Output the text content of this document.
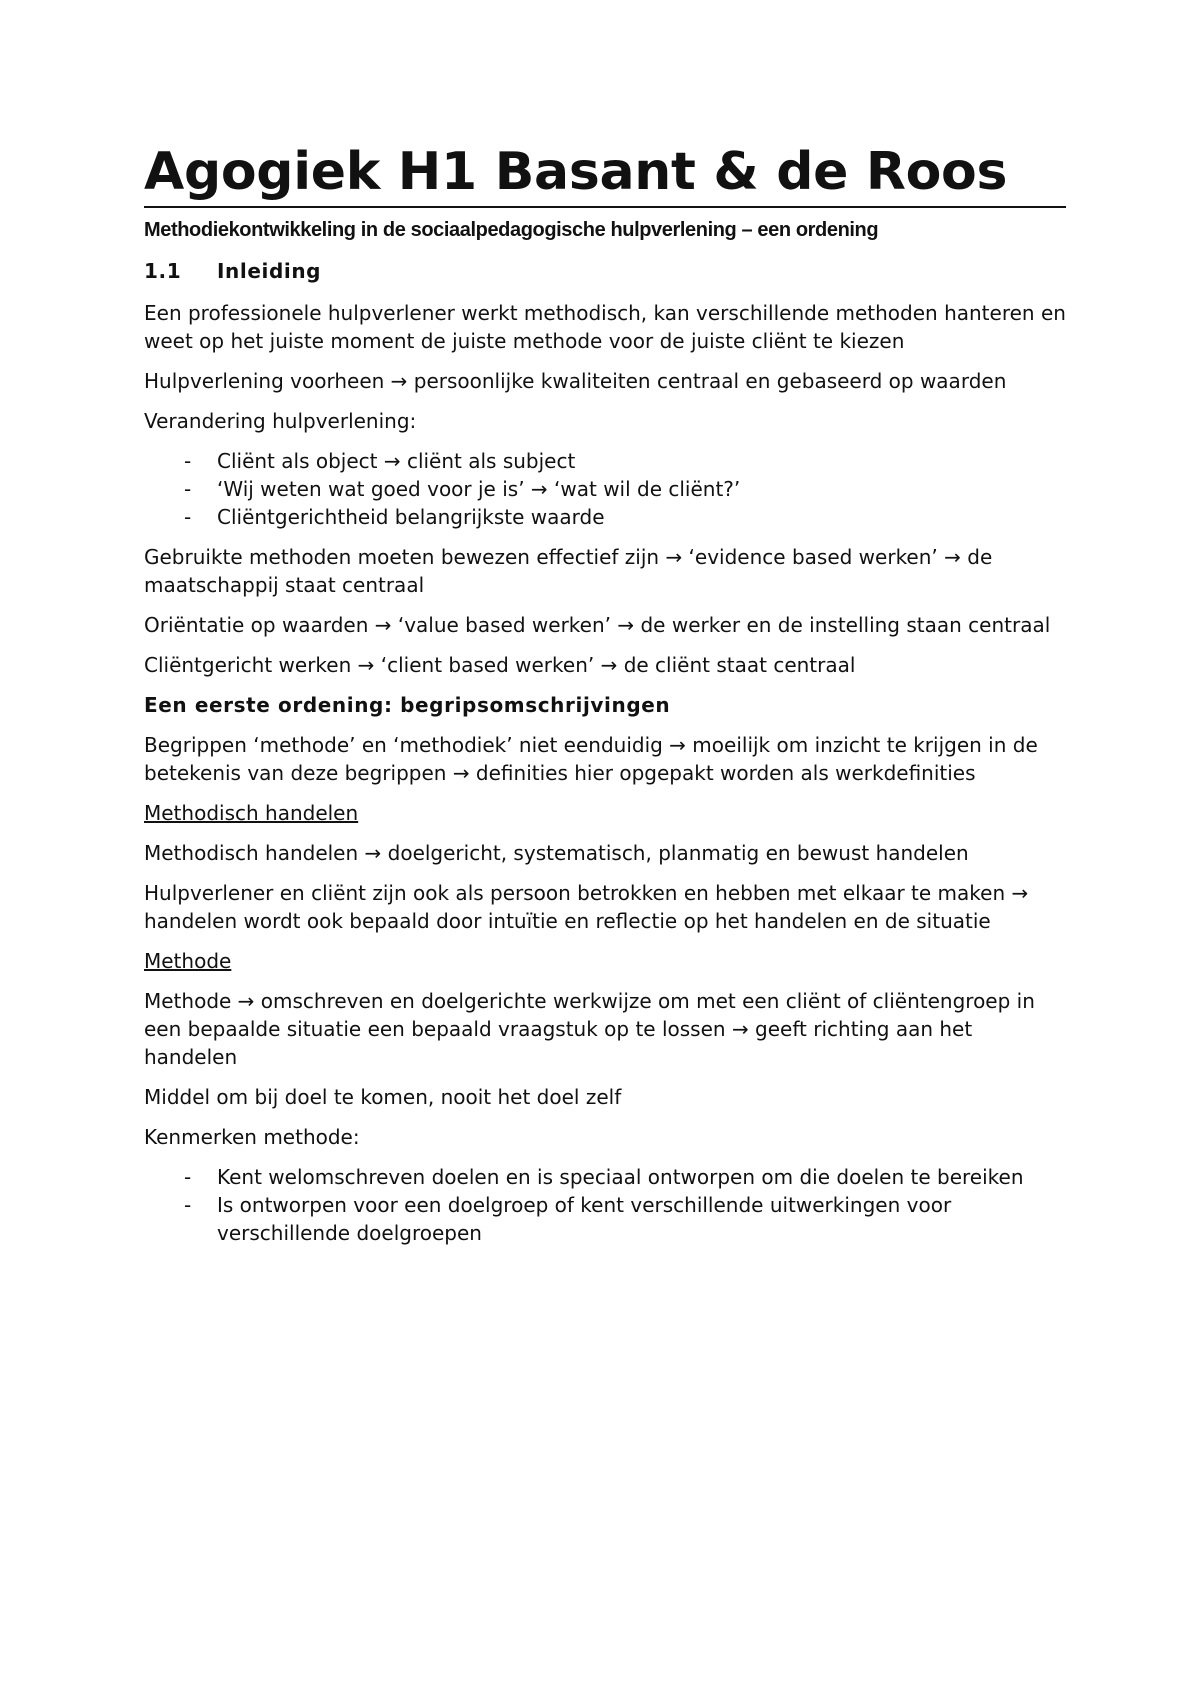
Agogiek H1 Basant & de Roos
Methodiekontwikkeling in de sociaalpedagogische hulpverlening – een ordening
1.1 Inleiding

Een professionele hulpverlener werkt methodisch, kan verschillende methoden hanteren en weet op het juiste moment de juiste methode voor de juiste cliënt te kiezen

Hulpverlening voorheen → persoonlijke kwaliteiten centraal en gebaseerd op waarden

Verandering hulpverlening:

- Cliënt als object → cliënt als subject
- ‘Wij weten wat goed voor je is’ → ‘wat wil de cliënt?’
- Cliëntgerichtheid belangrijkste waarde

Gebruikte methoden moeten bewezen effectief zijn → ‘evidence based werken’ → de maatschappij staat centraal

Oriëntatie op waarden → ‘value based werken’ → de werker en de instelling staan centraal

Cliëntgericht werken → ‘client based werken’ → de cliënt staat centraal

Een eerste ordening: begripsomschrijvingen

Begrippen ‘methode’ en ‘methodiek’ niet eenduidig → moeilijk om inzicht te krijgen in de betekenis van deze begrippen → definities hier opgepakt worden als werkdefinities

Methodisch handelen

Methodisch handelen → doelgericht, systematisch, planmatig en bewust handelen

Hulpverlener en cliënt zijn ook als persoon betrokken en hebben met elkaar te maken → handelen wordt ook bepaald door intuïtie en reflectie op het handelen en de situatie

Methode

Methode → omschreven en doelgerichte werkwijze om met een cliënt of cliëntengroep in een bepaalde situatie een bepaald vraagstuk op te lossen → geeft richting aan het handelen

Middel om bij doel te komen, nooit het doel zelf

Kenmerken methode:

- Kent welomschreven doelen en is speciaal ontworpen om die doelen te bereiken
- Is ontworpen voor een doelgroep of kent verschillende uitwerkingen voor verschillende doelgroepen
